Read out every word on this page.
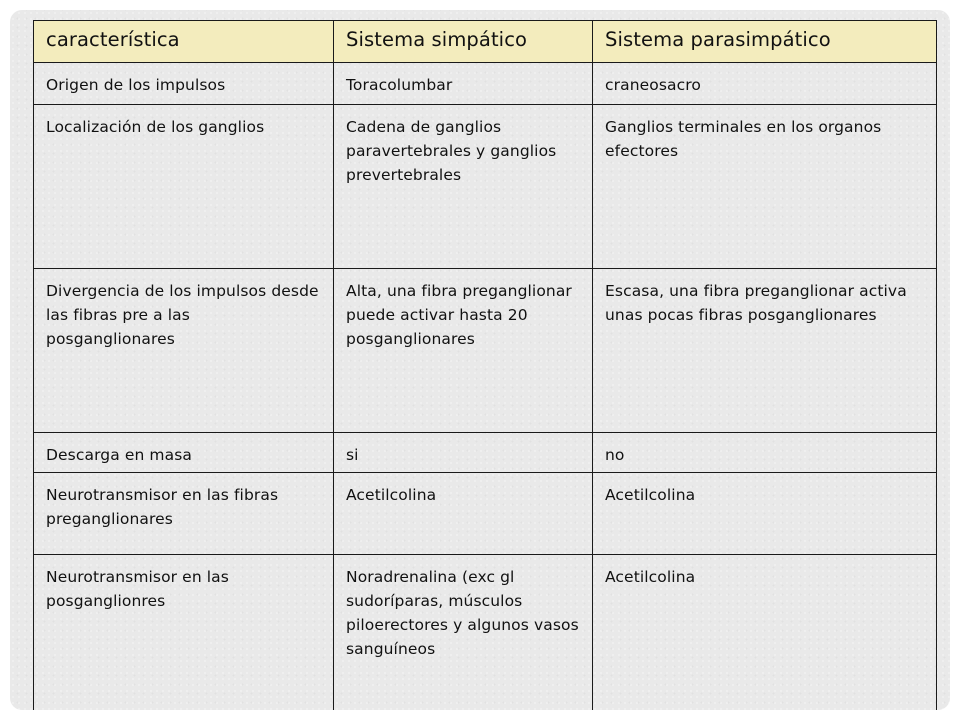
característica	Sistema simpático	Sistema parasimpático
Origen de los impulsos	Toracolumbar	craneosacro
Localización de los ganglios	Cadena de ganglios paravertebrales y ganglios prevertebrales	Ganglios terminales en los organos efectores
Divergencia de los impulsos desde las fibras pre a las posganglionares	Alta, una fibra preganglionar puede activar hasta 20 posganglionares	Escasa, una fibra preganglionar activa unas pocas fibras posganglionares
Descarga en masa	si	no
Neurotransmisor en las fibras preganglionares	Acetilcolina	Acetilcolina
Neurotransmisor en las posganglionres	Noradrenalina (exc gl sudoríparas, músculos piloerectores y algunos vasos sanguíneos	Acetilcolina
